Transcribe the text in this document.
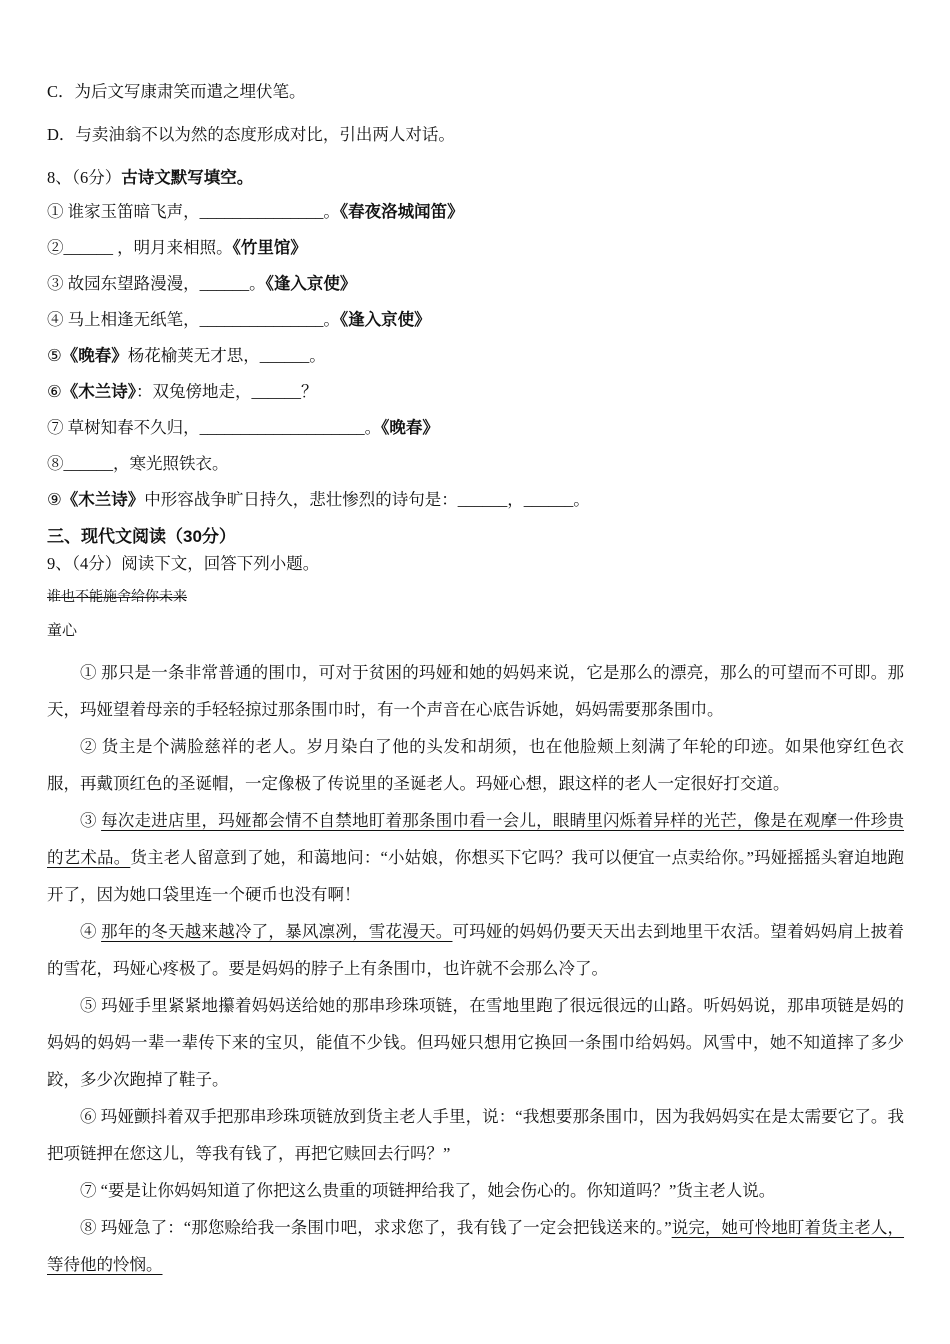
C．为后文写康肃笑而遣之埋伏笔。
D．与卖油翁不以为然的态度形成对比，引出两人对话。
8、（6分）古诗文默写填空。
① 谁家玉笛暗飞声，_______________。《春夜洛城闻笛》
②______ ，明月来相照。《竹里馆》
③ 故园东望路漫漫，______。《逢入京使》
④ 马上相逢无纸笔，_______________。《逢入京使》
⑤《晚春》杨花榆荚无才思，______。
⑥《木兰诗》：双兔傍地走，______？
⑦ 草树知春不久归，____________________。《晚春》
⑧______，寒光照铁衣。
⑨《木兰诗》中形容战争旷日持久，悲壮惨烈的诗句是：______，______。
三、现代文阅读（30分）
9、（4分）阅读下文，回答下列小题。
谁也不能施舍给你未来
童心

① 那只是一条非常普通的围巾，可对于贫困的玛娅和她的妈妈来说，它是那么的漂亮，那么的可望而不可即。那天，玛娅望着母亲的手轻轻掠过那条围巾时，有一个声音在心底告诉她，妈妈需要那条围巾。

② 货主是个满脸慈祥的老人。岁月染白了他的头发和胡须，也在他脸颊上刻满了年轮的印迹。如果他穿红色衣服，再戴顶红色的圣诞帽，一定像极了传说里的圣诞老人。玛娅心想，跟这样的老人一定很好打交道。

③ 每次走进店里，玛娅都会情不自禁地盯着那条围巾看一会儿，眼睛里闪烁着异样的光芒，像是在观摩一件珍贵的艺术品。货主老人留意到了她，和蔼地问：“小姑娘，你想买下它吗？我可以便宜一点卖给你。”玛娅摇摇头窘迫地跑开了，因为她口袋里连一个硬币也没有啊！

④ 那年的冬天越来越冷了，暴风凛冽，雪花漫天。可玛娅的妈妈仍要天天出去到地里干农活。望着妈妈肩上披着的雪花，玛娅心疼极了。要是妈妈的脖子上有条围巾，也许就不会那么冷了。

⑤ 玛娅手里紧紧地攥着妈妈送给她的那串珍珠项链，在雪地里跑了很远很远的山路。听妈妈说，那串项链是妈的妈妈的妈妈一辈一辈传下来的宝贝，能值不少钱。但玛娅只想用它换回一条围巾给妈妈。风雪中，她不知道摔了多少跤，多少次跑掉了鞋子。

⑥ 玛娅颤抖着双手把那串珍珠项链放到货主老人手里，说：“我想要那条围巾，因为我妈妈实在是太需要它了。我把项链押在您这儿，等我有钱了，再把它赎回去行吗？”

⑦ “要是让你妈妈知道了你把这么贵重的项链押给我了，她会伤心的。你知道吗？”货主老人说。

⑧ 玛娅急了：“那您赊给我一条围巾吧，求求您了，我有钱了一定会把钱送来的。”说完，她可怜地盯着货主老人，等待他的怜悯。
